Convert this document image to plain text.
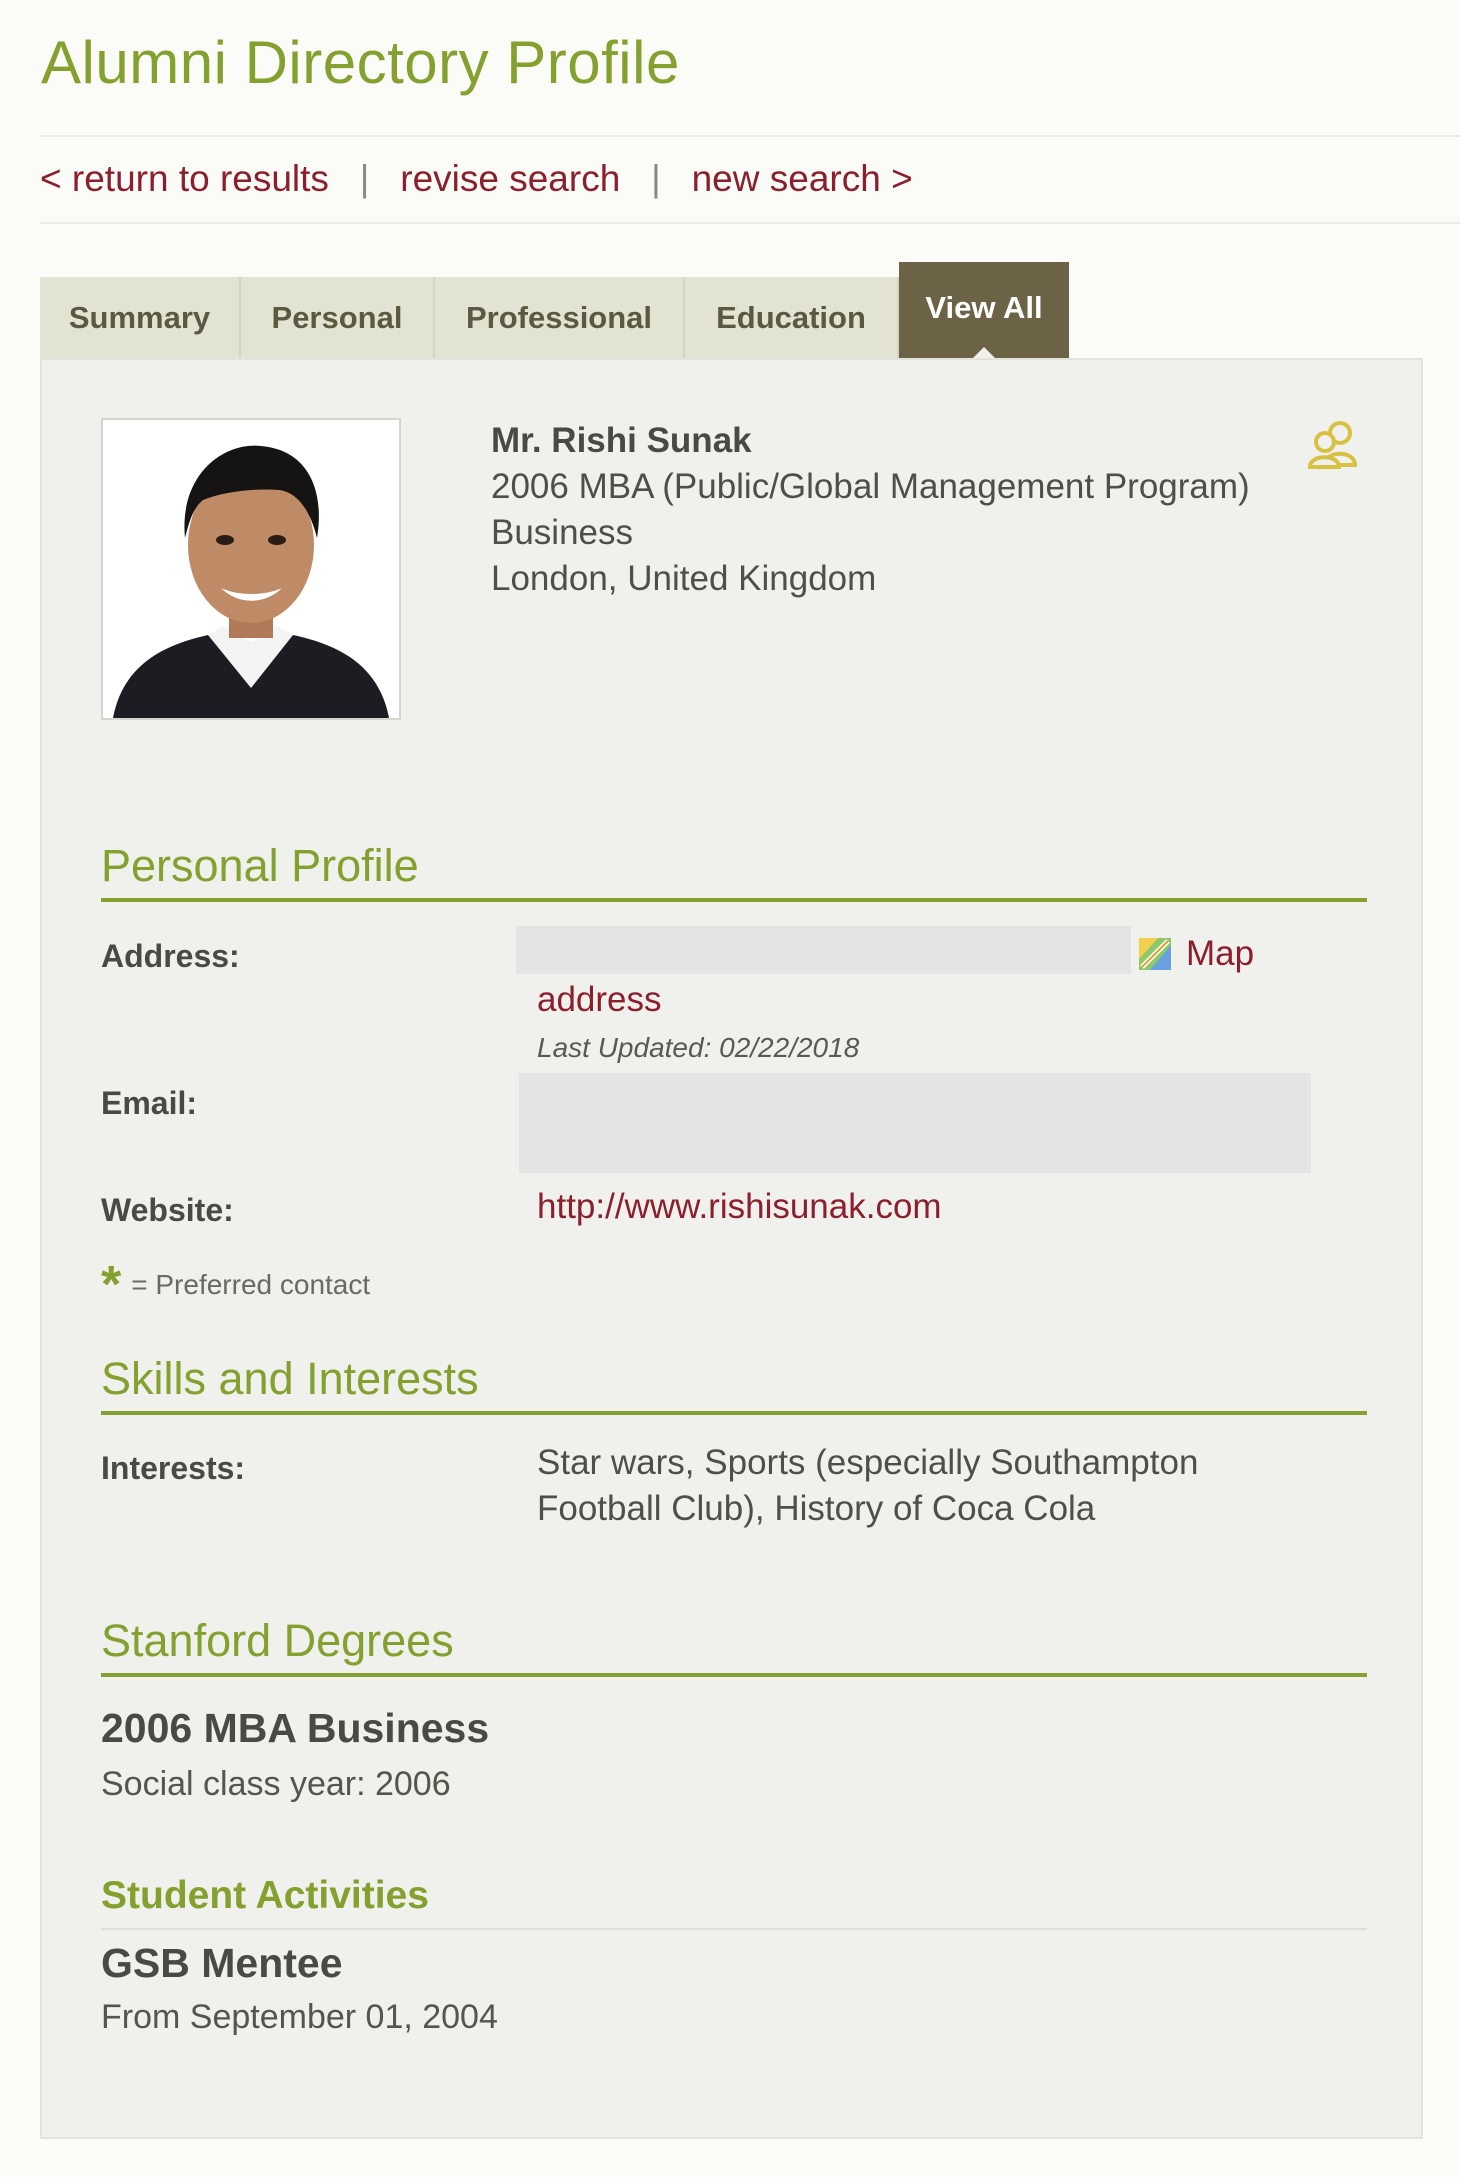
Alumni Directory Profile
< return to results | revise search | new search >
Summary	Personal	Professional	Education	View All
Mr. Rishi Sunak
2006 MBA (Public/Global Management Program)
Business
London, United Kingdom
Personal Profile
Address:	Map
address
Last Updated: 02/22/2018
Email:
Website:	http://www.rishisunak.com
* = Preferred contact
Skills and Interests
Interests:	Star wars, Sports (especially Southampton
Football Club), History of Coca Cola
Stanford Degrees
2006 MBA Business
Social class year: 2006
Student Activities
GSB Mentee
From September 01, 2004
